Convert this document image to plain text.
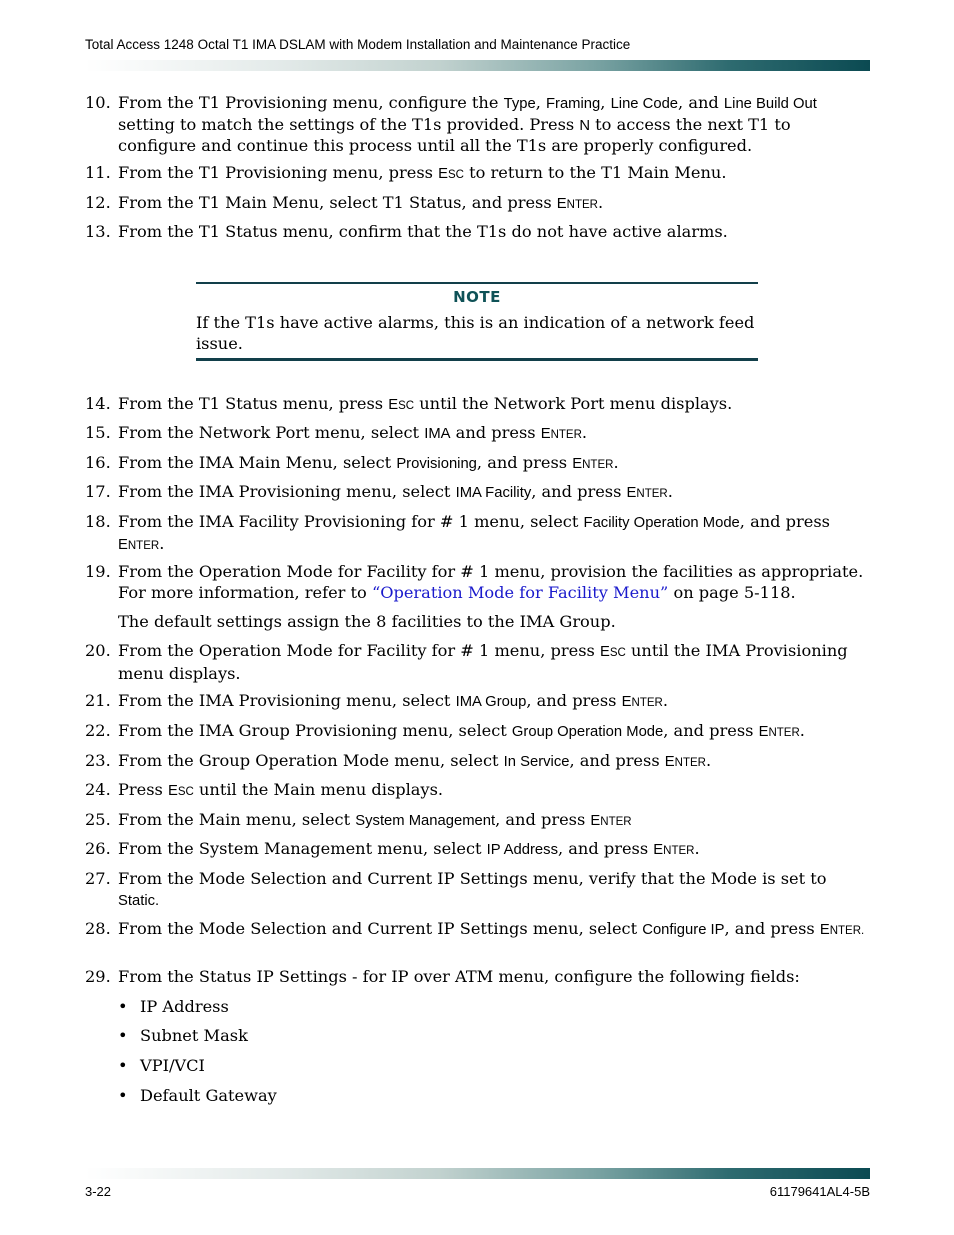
Total Access 1248 Octal T1 IMA DSLAM with Modem Installation and Maintenance Practice
10. From the T1 Provisioning menu, configure the Type, Framing, Line Code, and Line Build Out setting to match the settings of the T1s provided. Press N to access the next T1 to configure and continue this process until all the T1s are properly configured.
11. From the T1 Provisioning menu, press ESC to return to the T1 Main Menu.
12. From the T1 Main Menu, select T1 Status, and press ENTER.
13. From the T1 Status menu, confirm that the T1s do not have active alarms.
NOTE
If the T1s have active alarms, this is an indication of a network feed issue.
14. From the T1 Status menu, press ESC until the Network Port menu displays.
15. From the Network Port menu, select IMA and press ENTER.
16. From the IMA Main Menu, select Provisioning, and press ENTER.
17. From the IMA Provisioning menu, select IMA Facility, and press ENTER.
18. From the IMA Facility Provisioning for # 1 menu, select Facility Operation Mode, and press ENTER.
19. From the Operation Mode for Facility for # 1 menu, provision the facilities as appropriate. For more information, refer to “Operation Mode for Facility Menu” on page 5-118.
The default settings assign the 8 facilities to the IMA Group.
20. From the Operation Mode for Facility for # 1 menu, press ESC until the IMA Provisioning menu displays.
21. From the IMA Provisioning menu, select IMA Group, and press ENTER.
22. From the IMA Group Provisioning menu, select Group Operation Mode, and press ENTER.
23. From the Group Operation Mode menu, select In Service, and press ENTER.
24. Press ESC until the Main menu displays.
25. From the Main menu, select System Management, and press ENTER
26. From the System Management menu, select IP Address, and press ENTER.
27. From the Mode Selection and Current IP Settings menu, verify that the Mode is set to Static.
28. From the Mode Selection and Current IP Settings menu, select Configure IP, and press ENTER.
29. From the Status IP Settings - for IP over ATM menu, configure the following fields:
• IP Address
• Subnet Mask
• VPI/VCI
• Default Gateway
3-22	61179641AL4-5B
